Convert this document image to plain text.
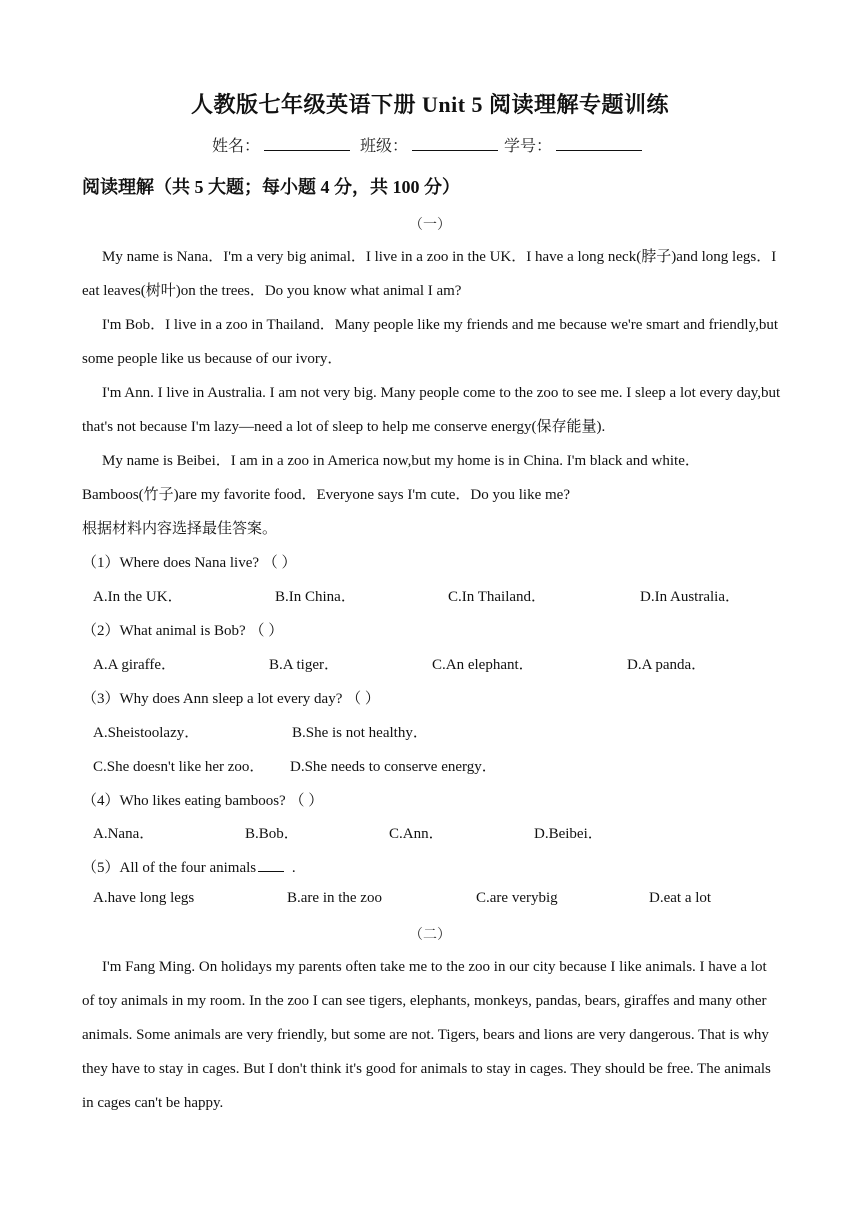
人教版七年级英语下册 Unit 5 阅读理解专题训练
姓名：	班级：	学号：
阅读理解（共 5 大题；每小题 4 分，共 100 分）
（一）

My name is Nana．I'm a very big animal．I live in a zoo in the UK．I have a long neck(脖子)and long legs．I eat leaves(树叶)on the trees．Do you know what animal I am?

I'm Bob．I live in a zoo in Thailand．Many people like my friends and me because we're smart and friendly,but some people like us because of our ivory．

I'm Ann. I live in Australia. I am not very big. Many people come to the zoo to see me. I sleep a lot every day,but that's not because I'm lazy—need a lot of sleep to help me conserve energy(保存能量).

My name is Beibei．I am in a zoo in America now,but my home is in China. I'm black and white．Bamboos(竹子)are my favorite food．Everyone says I'm cute．Do you like me?

根据材料内容选择最佳答案。
（1）Where does Nana live? （ ）
A.In the UK．	B.In China．	C.In Thailand．	D.In Australia．
（2）What animal is Bob? （ ）
A.A giraffe．	B.A tiger．	C.An elephant．	D.A panda．
（3）Why does Ann sleep a lot every day? （ ）
A.Sheistoolazy．	B.She is not healthy．
C.She doesn't like her zoo． D.She needs to conserve energy．
（4）Who likes eating bamboos? （ ）
A.Nana．	B.Bob．	C.Ann．	D.Beibei．
（5）All of the four animals .
A.have long legs	B.are in the zoo	C.are verybig	D.eat a lot
（二）

I'm Fang Ming. On holidays my parents often take me to the zoo in our city because I like animals. I have a lot of toy animals in my room. In the zoo I can see tigers, elephants, monkeys, pandas, bears, giraffes and many other animals. Some animals are very friendly, but some are not. Tigers, bears and lions are very dangerous. That is why they have to stay in cages. But I don't think it's good for animals to stay in cages. They should be free. The animals in cages can't be happy.
